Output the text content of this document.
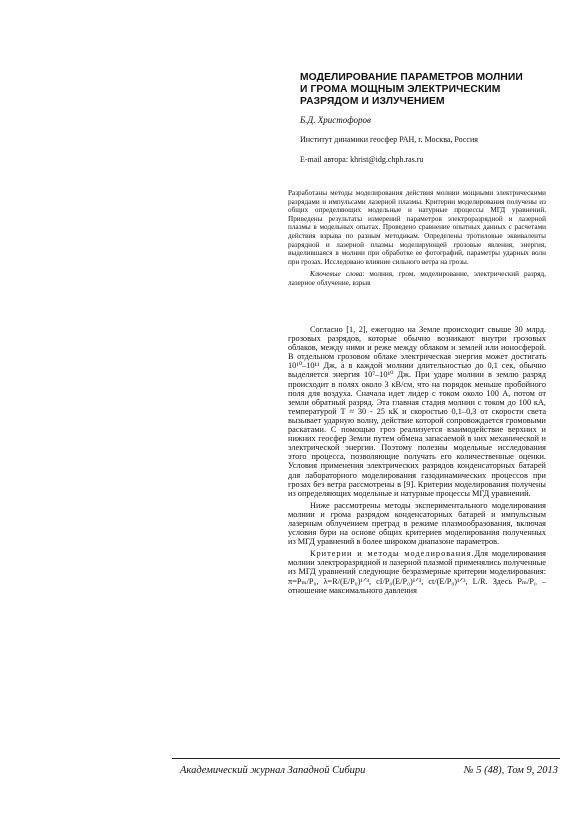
МОДЕЛИРОВАНИЕ ПАРАМЕТРОВ МОЛНИИ
И ГРОМА МОЩНЫМ ЭЛЕКТРИЧЕСКИМ
РАЗРЯДОМ И ИЗЛУЧЕНИЕМ
Б.Д. Христофоров
Институт динамики геосфер РАН, г. Москва, Россия
E-mail автора: khrist@idg.chph.ras.ru
Разработаны методы моделирования действия молнии мощными электрическими разрядами и импульсами лазерной плазмы. Критерии моделирования получены из общих определяющих модельные и натурные процессы МГД уравнений. Приведены результаты измерений параметров электроразрядной и лазерной плазмы в модельных опытах. Проведено сравнение опытных данных с расчетами действия взрыва по разным методикам. Определены тротиловые эквиваленты разрядной и лазерной плазмы моделирующей грозовые явления, энергия, выделившаяся в молнии при обработке ее фотографий, параметры ударных волн при грозах. Исследовано влияние сильного ветра на грозы.
Ключевые слова: молния, гром, моделирование, электрический разряд, лазерное облучение, взрыв

Согласно [1, 2], ежегодно на Земле происходит свыше 30 млрд. грозовых разрядов, которые обычно возникают внутри грозовых облаков, между ними и реже между облаком и землей или ионосферой. В отдельном грозовом облаке электрическая энергия может достигать 10¹⁰–10¹¹ Дж, а в каждой молнии длительностью до 0,1 сек, обычно выделяется энергия 10⁷–10¹⁰ Дж. При ударе молнии в землю разряд происходит в полях около 3 кВ/см, что на порядок меньше пробойного поля для воздуха. Сначала идет лидер с током около 100 А, потом от земли обратный разряд. Эта главная стадия молнии с током до 100 кА, температурой Т ≈ 30 - 25 кК и скоростью 0,1–0,3 от скорости света вызывает ударную волну, действие которой сопровождается громовыми раскатами. С помощью гроз реализуется взаимодействие верхних и нижних геосфер Земли путем обмена запасаемой в них механической и электрической энергии. Поэтому полезны модельные исследования этого процесса, позволяющие получать его количественные оценки. Условия применения электрических разрядов конденсаторных батарей для лабораторного моделирования газодинамических процессов при грозах без ветра рассмотрены в [9]. Критерии моделирования получены из определяющих модельные и натурные процессы МГД уравнений.

Ниже рассмотрены методы экспериментального моделирования молнии и грома разрядом конденсаторных батарей и импульсным лазерным облучением преград в режиме плазмообразования, включая условия бури на основе общих критериев моделирования полученных из МГД уравнений в более широком диапазоне параметров.

Критерии и методы моделирования.Для моделирования молнии электроразрядной и лазерной плазмой применялись полученные из МГД уравнений следующие безразмерные критерии моделирования: π=Pₘ/P₀, λ=R/(E/P₀)¹ᐟ³, cI/P₀(E/P₀)¹ᐟ³, ct/(E/P₀)¹ᐟ³, L/R. Здесь Pₘ/P₀ – отношение максимального давления

Академический журнал Западной Сибири	№ 5 (48), Том 9, 2013
